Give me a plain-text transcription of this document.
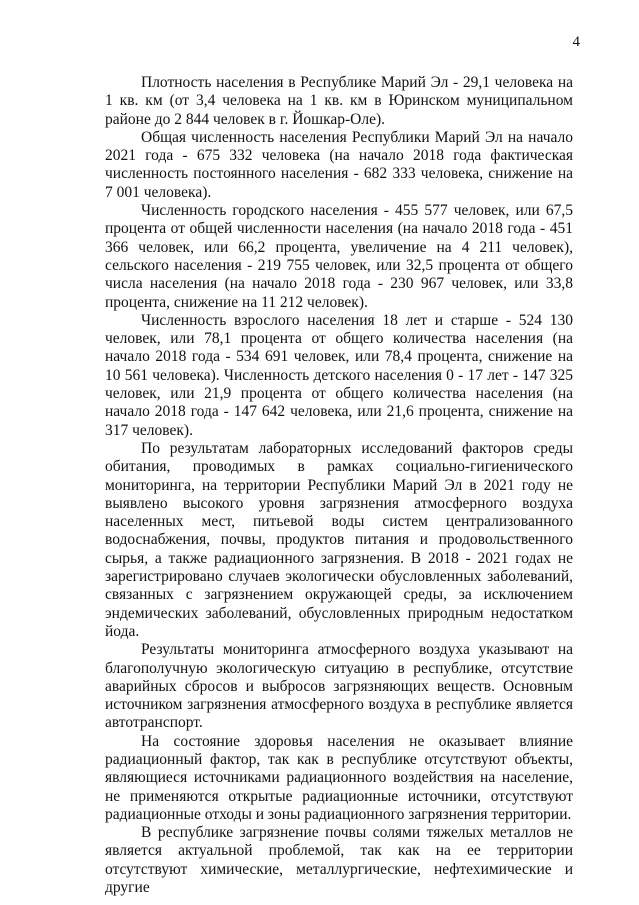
4

Плотность населения в Республике Марий Эл - 29,1 человека на 1 кв. км (от 3,4 человека на 1 кв. км в Юринском муниципальном районе до 2 844 человек в г. Йошкар-Оле).

Общая численность населения Республики Марий Эл на начало 2021 года - 675 332 человека (на начало 2018 года фактическая численность постоянного населения - 682 333 человека, снижение на 7 001 человека).

Численность городского населения - 455 577 человек, или 67,5 процента от общей численности населения (на начало 2018 года - 451 366 человек, или 66,2 процента, увеличение на 4 211 человек), сельского населения - 219 755 человек, или 32,5 процента от общего числа населения (на начало 2018 года - 230 967 человек, или 33,8 процента, снижение на 11 212 человек).

Численность взрослого населения 18 лет и старше - 524 130 человек, или 78,1 процента от общего количества населения (на начало 2018 года - 534 691 человек, или 78,4 процента, снижение на 10 561 человека). Численность детского населения 0 - 17 лет - 147 325 человек, или 21,9 процента от общего количества населения (на начало 2018 года - 147 642 человека, или 21,6 процента, снижение на 317 человек).

По результатам лабораторных исследований факторов среды обитания, проводимых в рамках социально-гигиенического мониторинга, на территории Республики Марий Эл в 2021 году не выявлено высокого уровня загрязнения атмосферного воздуха населенных мест, питьевой воды систем централизованного водоснабжения, почвы, продуктов питания и продовольственного сырья, а также радиационного загрязнения. В 2018 - 2021 годах не зарегистрировано случаев экологически обусловленных заболеваний, связанных с загрязнением окружающей среды, за исключением эндемических заболеваний, обусловленных природным недостатком йода.

Результаты мониторинга атмосферного воздуха указывают на благополучную экологическую ситуацию в республике, отсутствие аварийных сбросов и выбросов загрязняющих веществ. Основным источником загрязнения атмосферного воздуха в республике является автотранспорт.

На состояние здоровья населения не оказывает влияние радиационный фактор, так как в республике отсутствуют объекты, являющиеся источниками радиационного воздействия на население, не применяются открытые радиационные источники, отсутствуют радиационные отходы и зоны радиационного загрязнения территории.

В республике загрязнение почвы солями тяжелых металлов не является актуальной проблемой, так как на ее территории отсутствуют химические, металлургические, нефтехимические и другие
